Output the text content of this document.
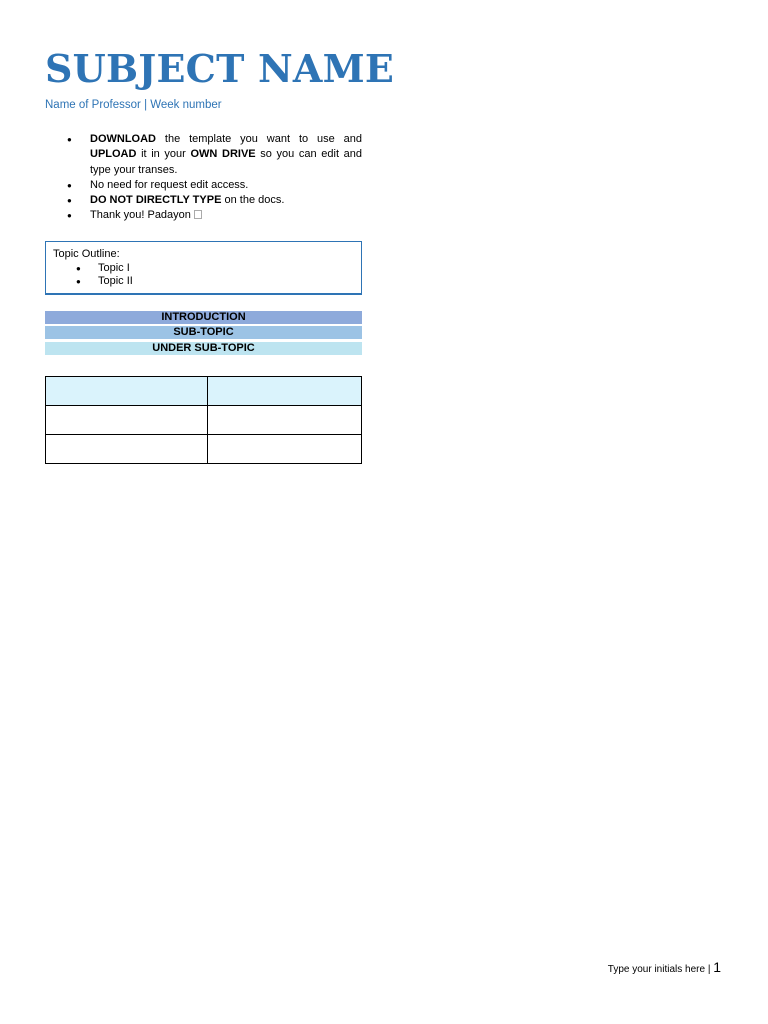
SUBJECT NAME
Name of Professor | Week number
● DOWNLOAD the template you want to use and UPLOAD it in your OWN DRIVE so you can edit and type your transes.
● No need for request edit access.
● DO NOT DIRECTLY TYPE on the docs.
● Thank you! Padayon
Topic Outline:
● Topic I
● Topic II
INTRODUCTION
SUB-TOPIC
UNDER SUB-TOPIC

Type your initials here | 1
